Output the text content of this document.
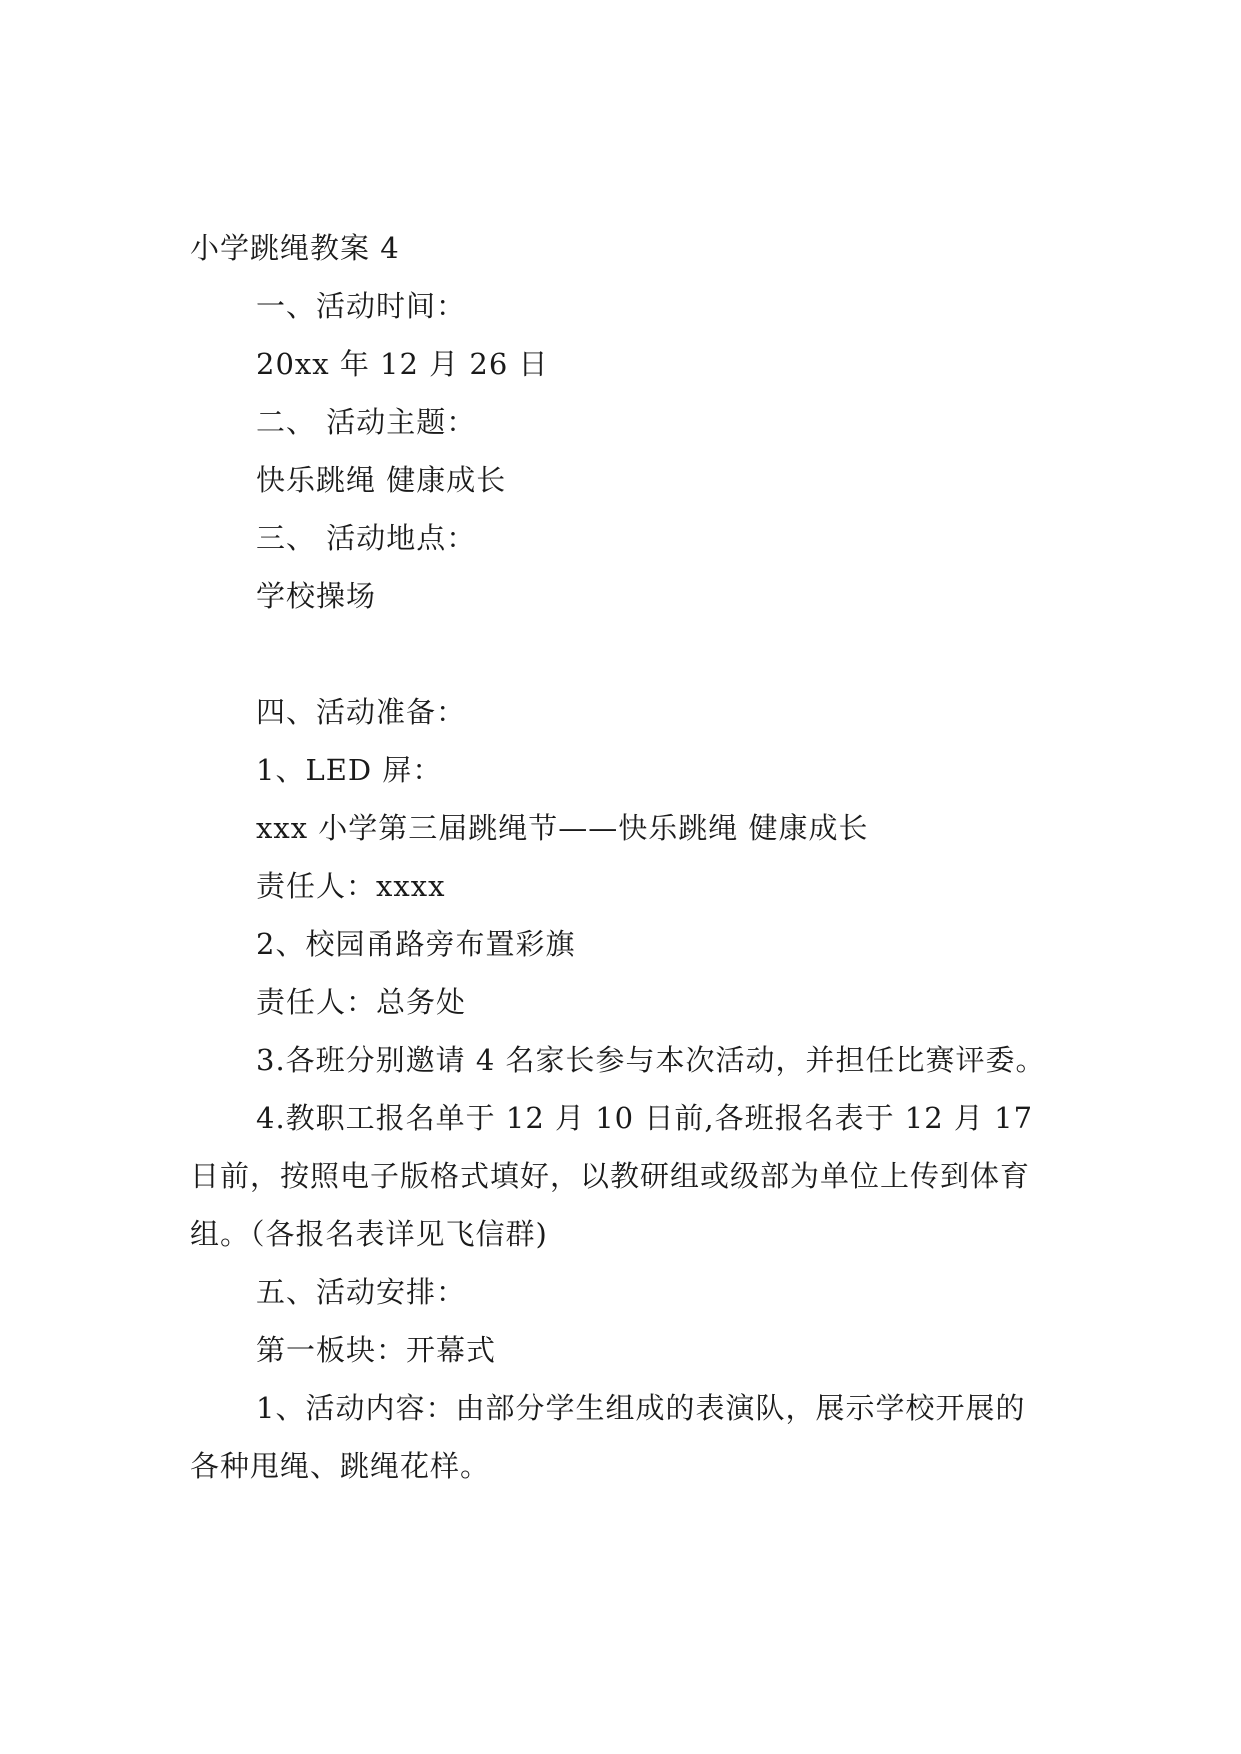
小学跳绳教案 4
一、活动时间：
20xx 年 12 月 26 日
二、 活动主题：
快乐跳绳 健康成长
三、 活动地点：
学校操场
四、活动准备：
1、LED 屏：
xxx 小学第三届跳绳节——快乐跳绳 健康成长
责任人：xxxx
2、校园甬路旁布置彩旗
责任人：总务处
3.各班分别邀请 4 名家长参与本次活动，并担任比赛评委。
4.教职工报名单于 12 月 10 日前,各班报名表于 12 月 17 日前，按照电子版格式填好，以教研组或级部为单位上传到体育组。（各报名表详见飞信群)
五、活动安排：
第一板块：开幕式
1、活动内容：由部分学生组成的表演队，展示学校开展的各种甩绳、跳绳花样。
